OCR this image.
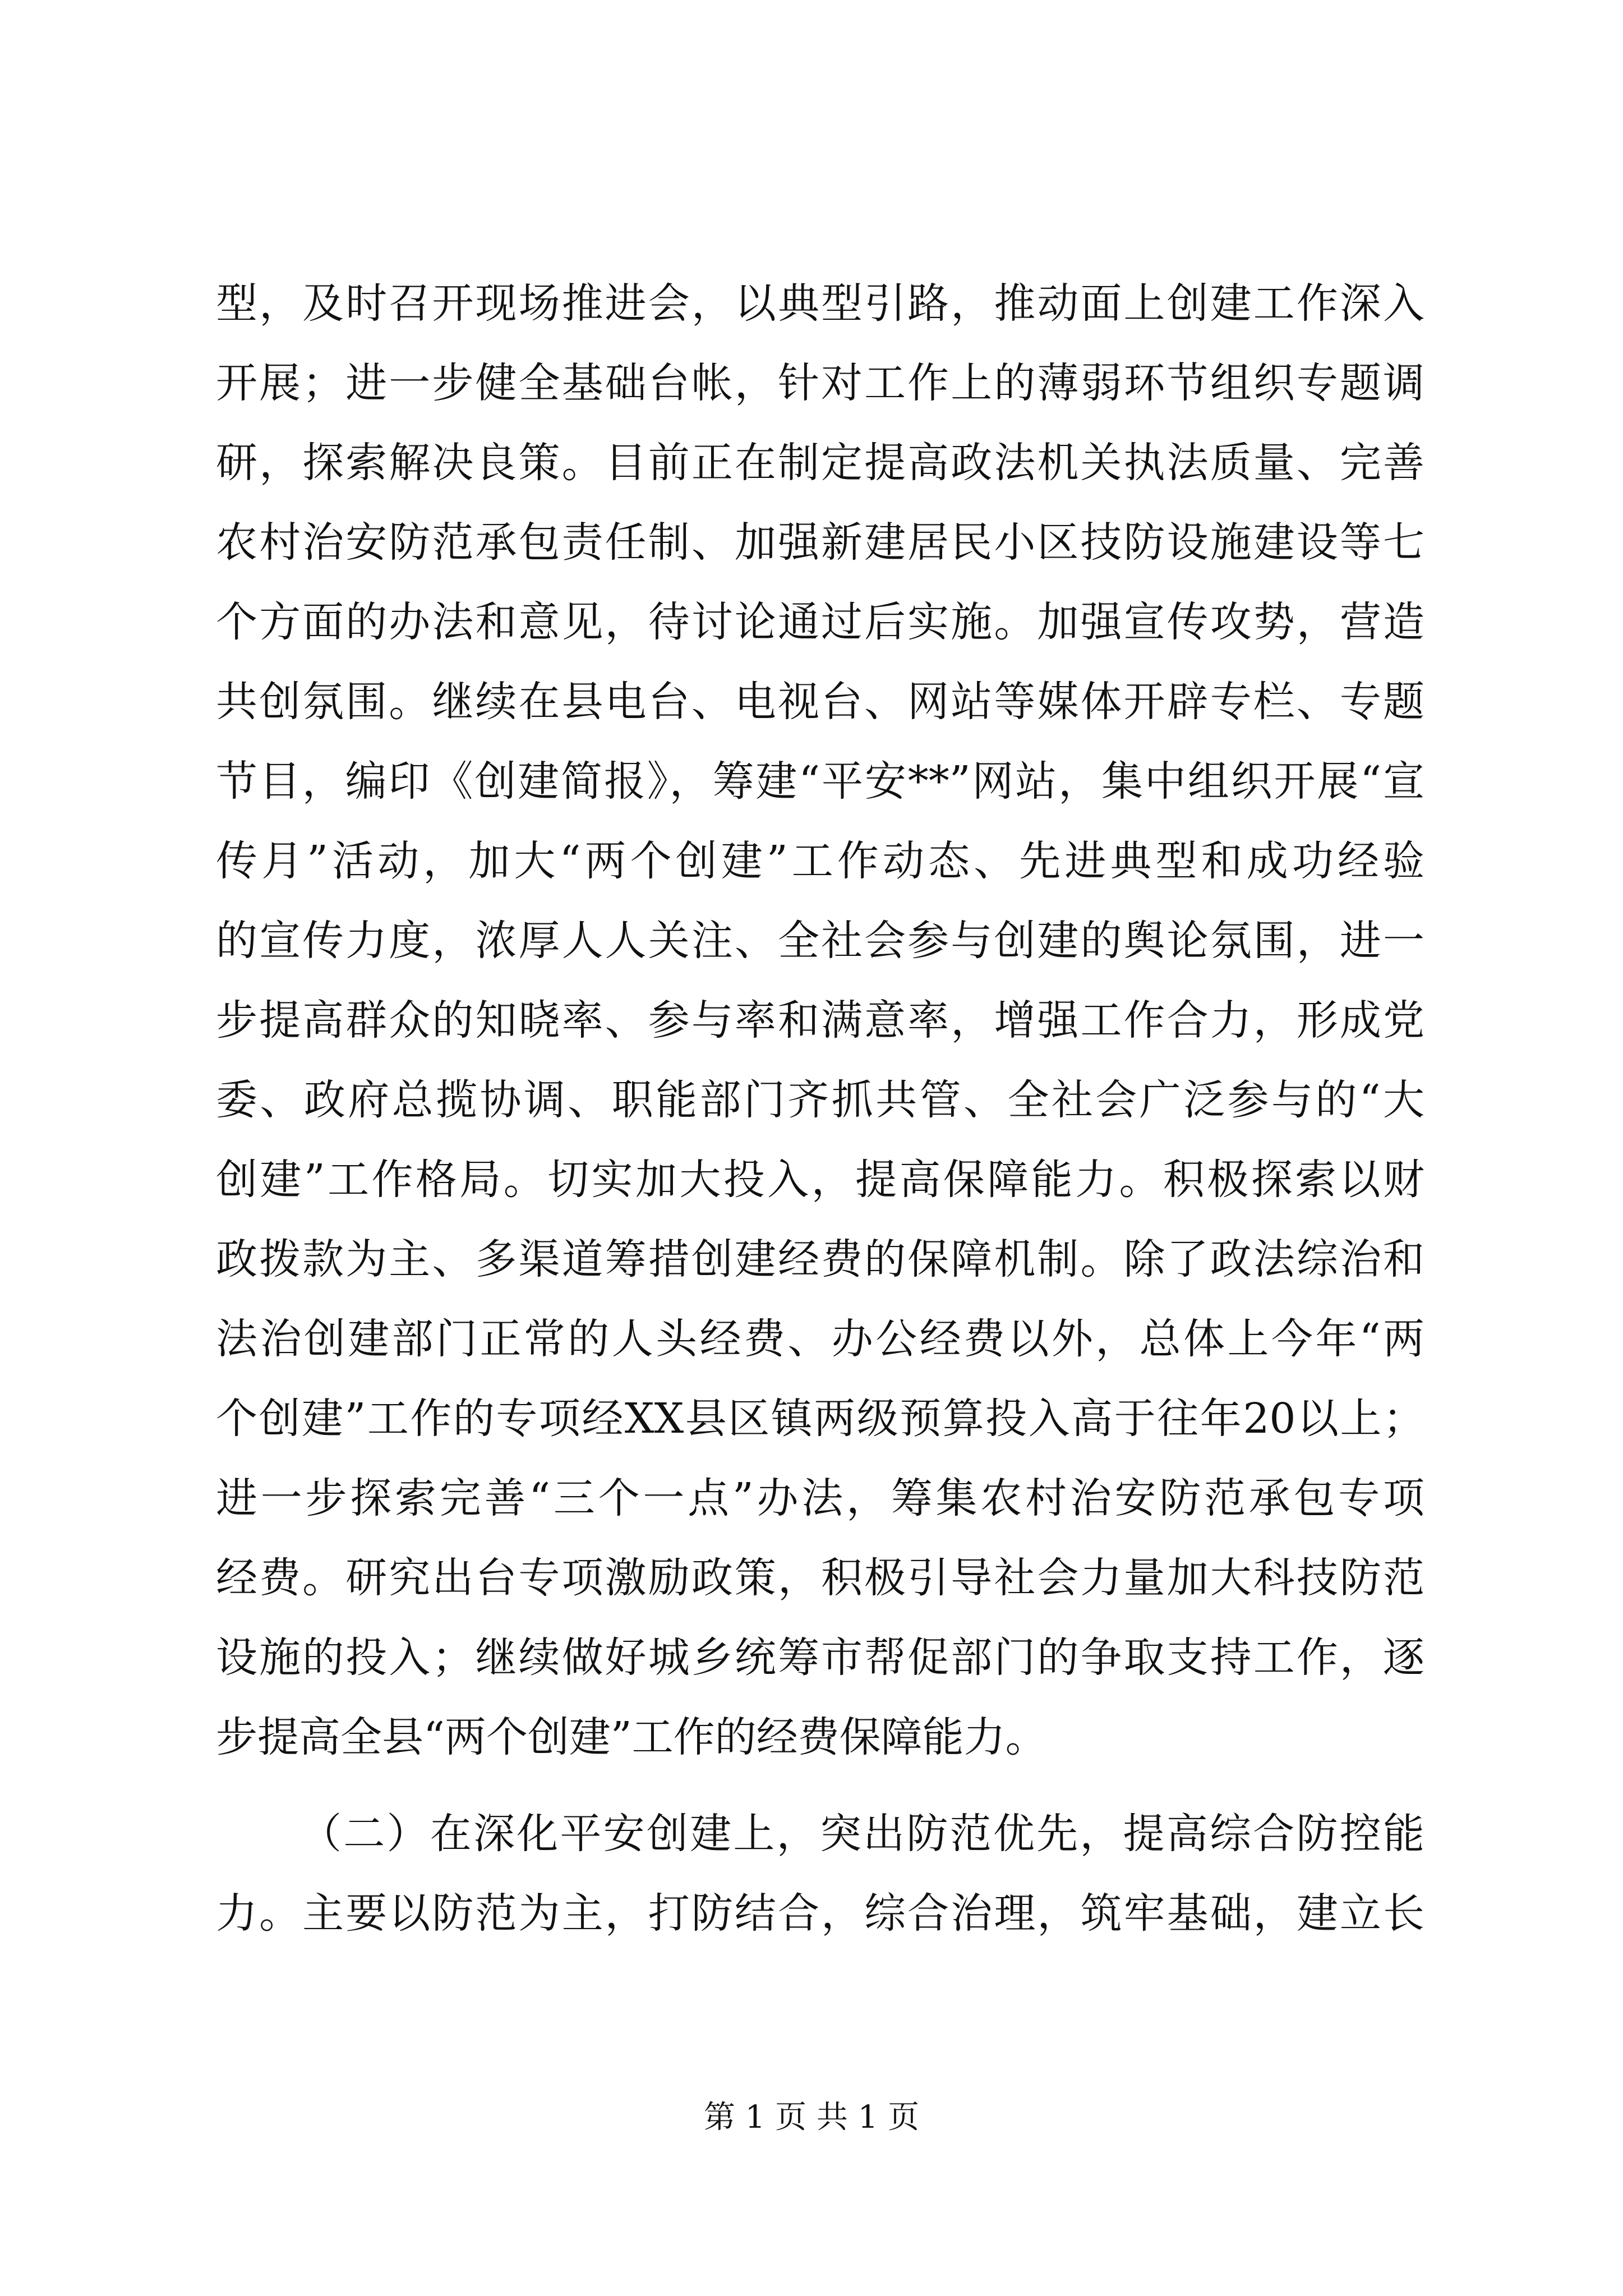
型，及时召开现场推进会，以典型引路，推动面上创建工作深入
开展；进一步健全基础台帐，针对工作上的薄弱环节组织专题调
研，探索解决良策。目前正在制定提高政法机关执法质量、完善
农村治安防范承包责任制、加强新建居民小区技防设施建设等七
个方面的办法和意见，待讨论通过后实施。加强宣传攻势，营造
共创氛围。继续在县电台、电视台、网站等媒体开辟专栏、专题
节目，编印《创建简报》，筹建“平安**”网站，集中组织开展“宣
传月”活动，加大“两个创建”工作动态、先进典型和成功经验
的宣传力度，浓厚人人关注、全社会参与创建的舆论氛围，进一
步提高群众的知晓率、参与率和满意率，增强工作合力，形成党
委、政府总揽协调、职能部门齐抓共管、全社会广泛参与的“大
创建”工作格局。切实加大投入，提高保障能力。积极探索以财
政拨款为主、多渠道筹措创建经费的保障机制。除了政法综治和
法治创建部门正常的人头经费、办公经费以外，总体上今年“两
个创建”工作的专项经XX县区镇两级预算投入高于往年20以上；
进一步探索完善“三个一点”办法，筹集农村治安防范承包专项
经费。研究出台专项激励政策，积极引导社会力量加大科技防范
设施的投入；继续做好城乡统筹市帮促部门的争取支持工作，逐
步提高全县“两个创建”工作的经费保障能力。
（二）在深化平安创建上，突出防范优先，提高综合防控能
力。主要以防范为主，打防结合，综合治理，筑牢基础，建立长
第 1 页 共 1 页
